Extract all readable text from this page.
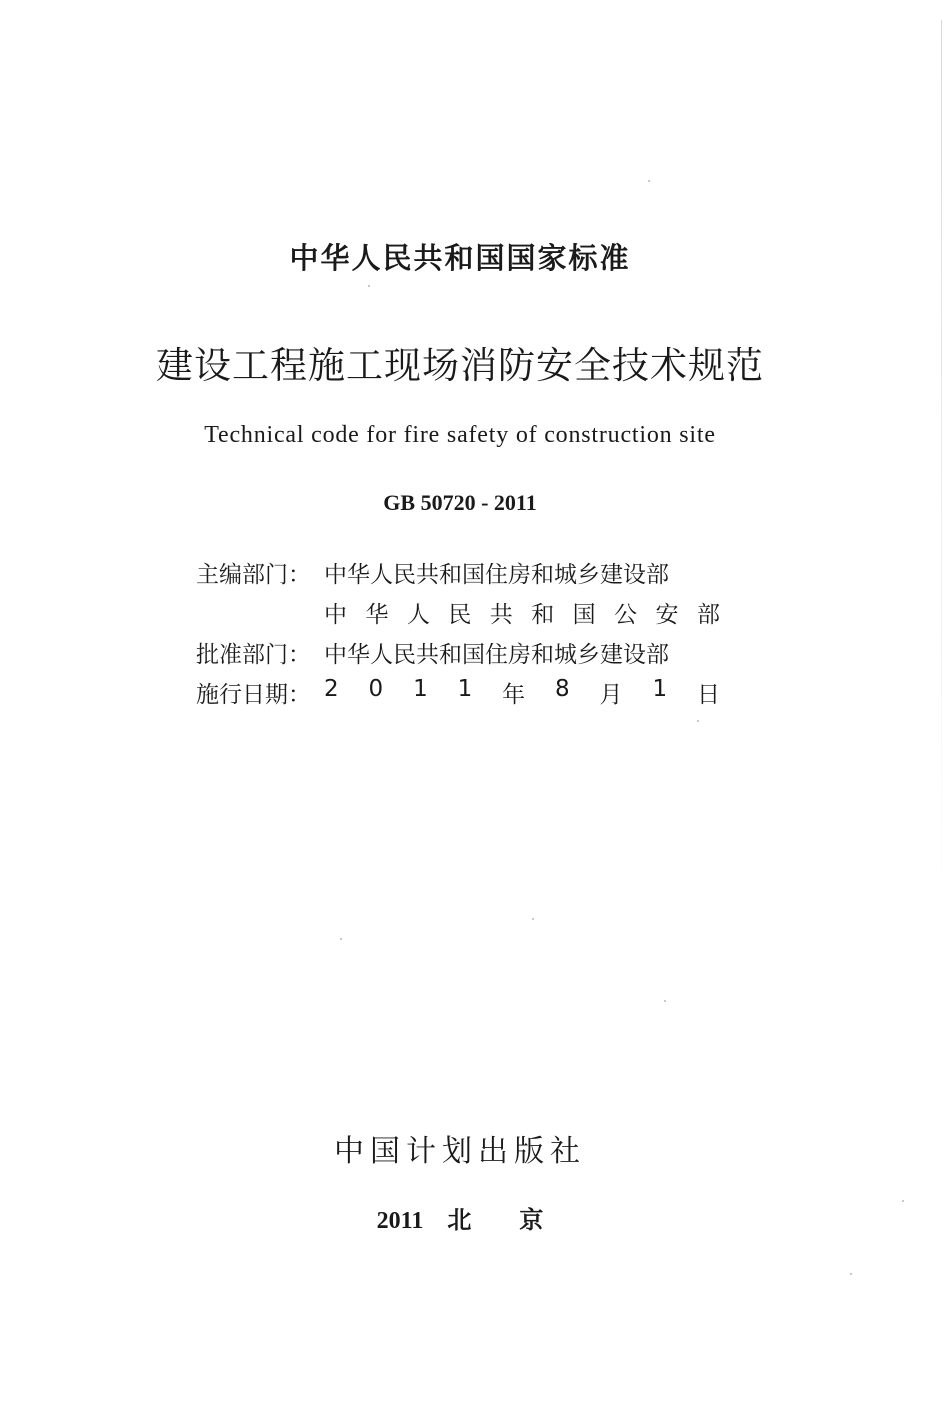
中华人民共和国国家标准
建设工程施工现场消防安全技术规范
Technical code for fire safety of construction site
GB 50720 - 2011
主编部门： 中华人民共和国住房和城乡建设部
中 华 人 民 共 和 国 公 安 部
批准部门： 中华人民共和国住房和城乡建设部
施行日期： 2 0 1 1 年 8 月 1 日
中国计划出版社
2011 北 京
